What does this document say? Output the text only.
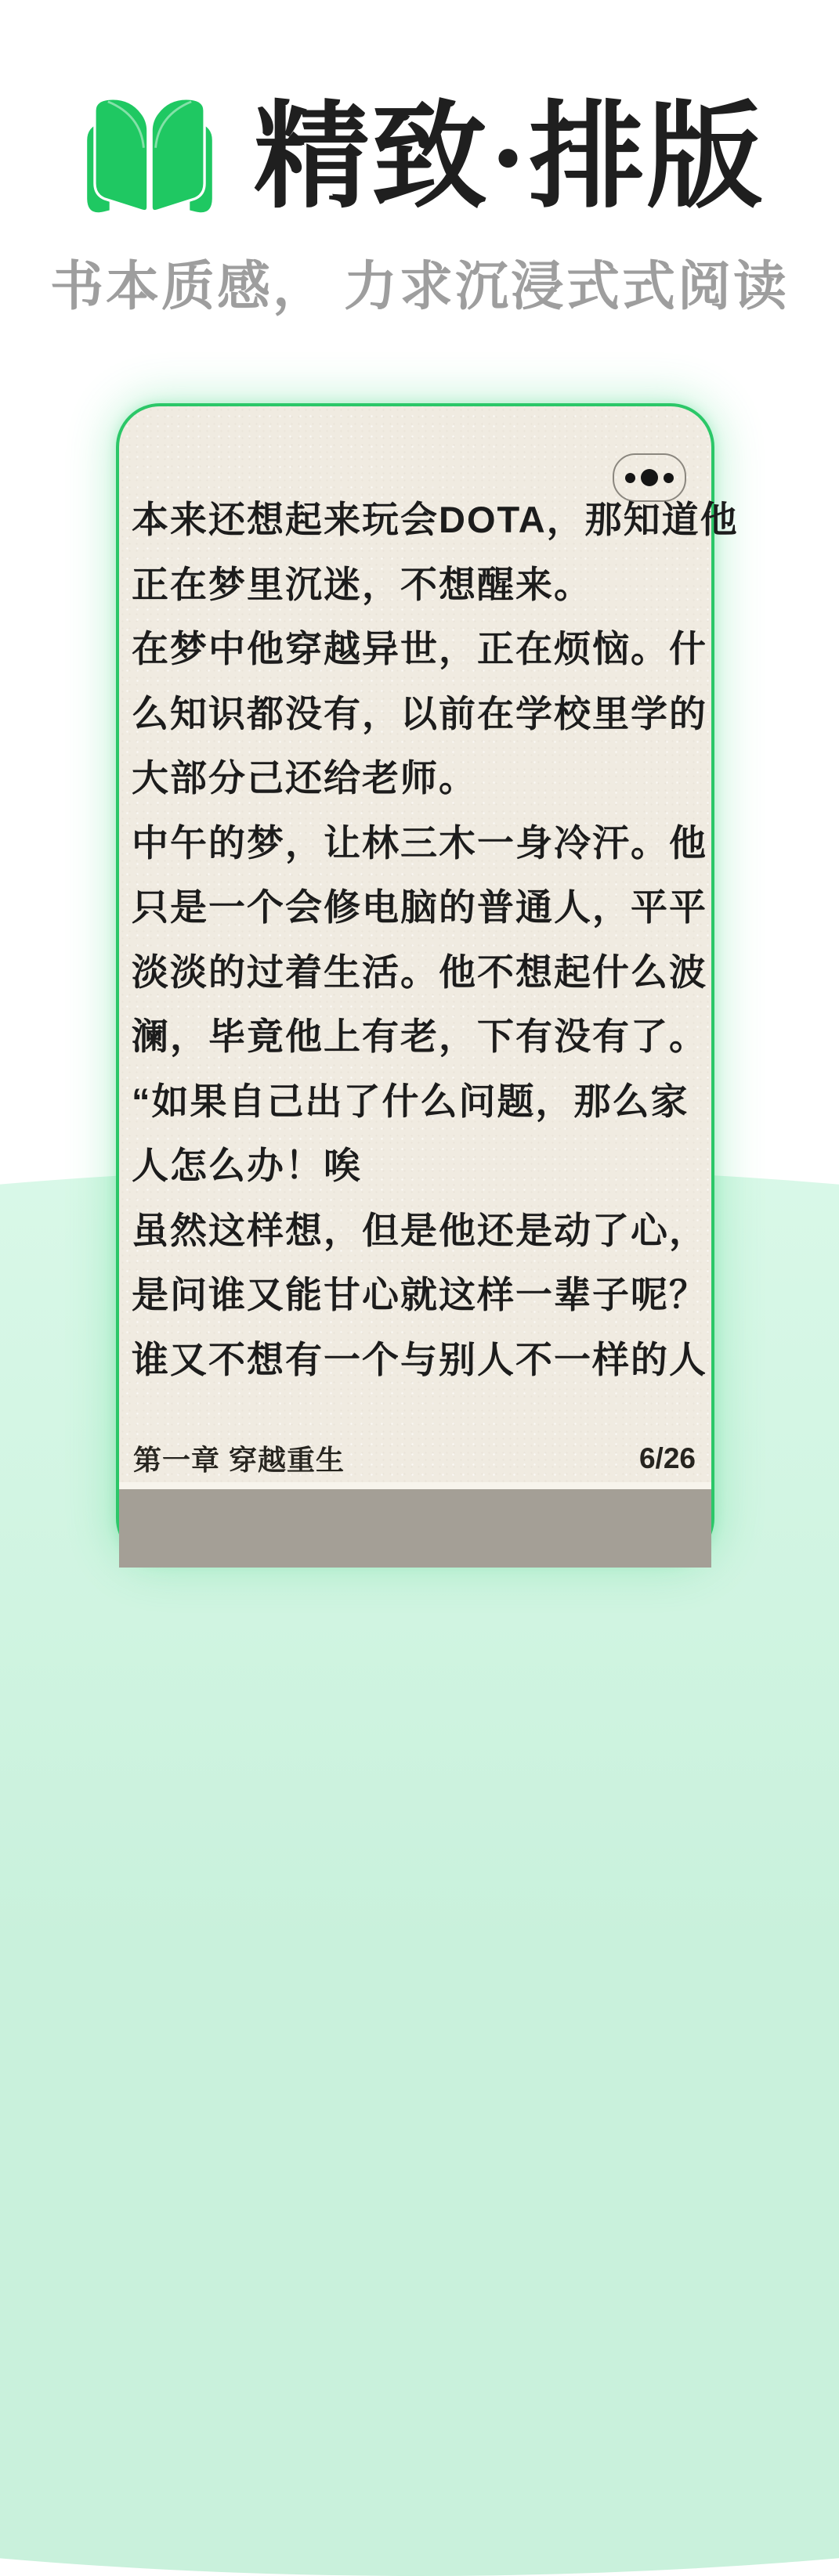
精致·排版
书本质感， 力求沉浸式式阅读
本来还想起来玩会DOTA，那知道他
正在梦里沉迷，不想醒来。
在梦中他穿越异世，正在烦恼。什
么知识都没有，以前在学校里学的
大部分己还给老师。
中午的梦，让林三木一身冷汗。他
只是一个会修电脑的普通人，平平
淡淡的过着生活。他不想起什么波
澜，毕竟他上有老，下有没有了。
“如果自己出了什么问题，那么家
人怎么办！唉
虽然这样想，但是他还是动了心，
是问谁又能甘心就这样一辈子呢？
谁又不想有一个与别人不一样的人
第一章 穿越重生	6/26
